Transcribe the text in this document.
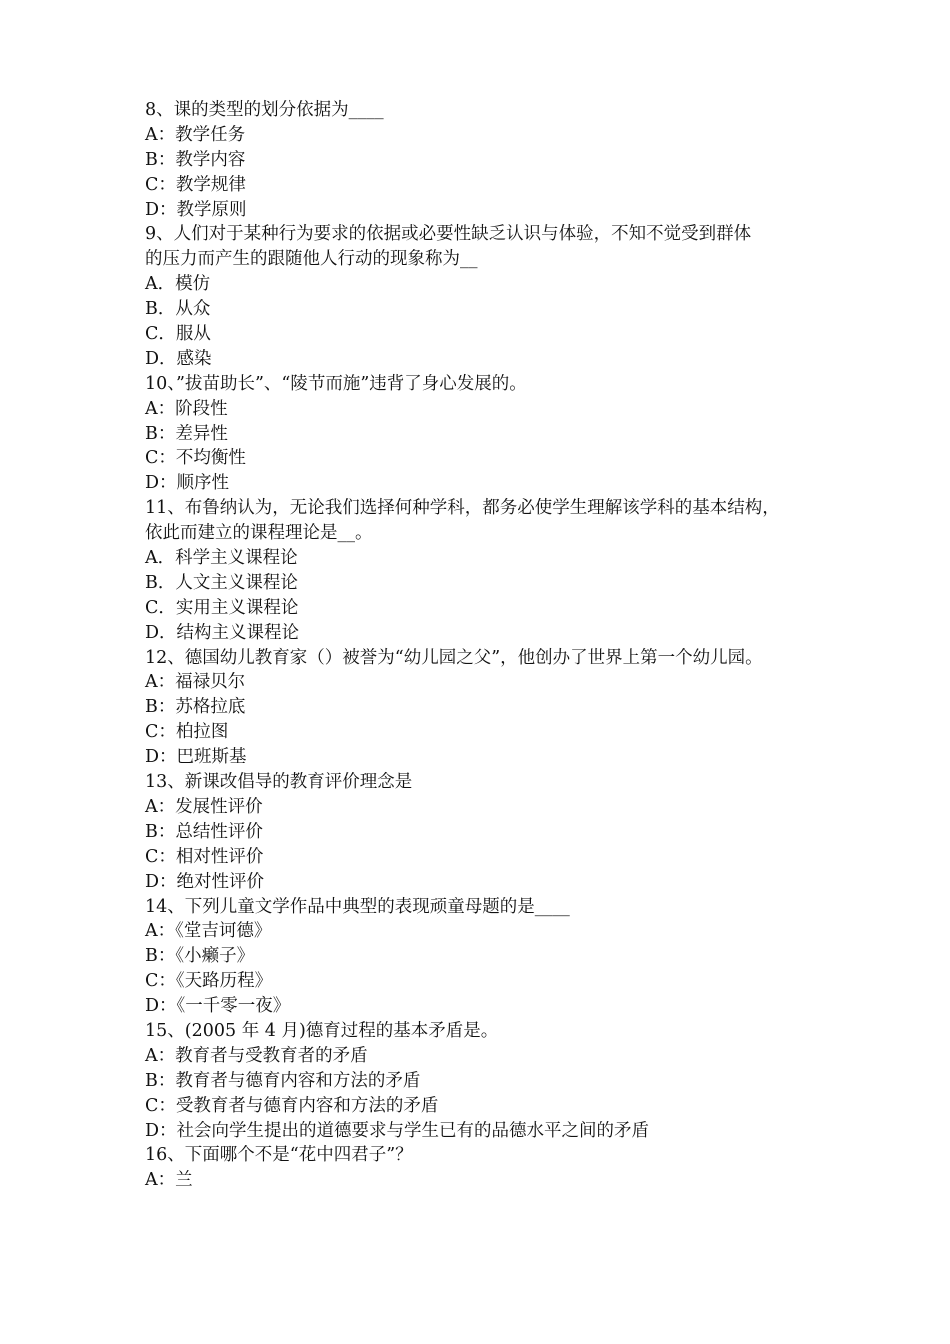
8、课的类型的划分依据为____
A：教学任务
B：教学内容
C：教学规律
D：教学原则
9、人们对于某种行为要求的依据或必要性缺乏认识与体验，不知不觉受到群体
的压力而产生的跟随他人行动的现象称为__
A．模仿
B．从众
C．服从
D．感染
10、”拔苗助长”、“陵节而施”违背了身心发展的。
A：阶段性
B：差异性
C：不均衡性
D：顺序性
11、布鲁纳认为，无论我们选择何种学科，都务必使学生理解该学科的基本结构，
依此而建立的课程理论是__。
A．科学主义课程论
B．人文主义课程论
C．实用主义课程论
D．结构主义课程论
12、德国幼儿教育家（）被誉为“幼儿园之父”，他创办了世界上第一个幼儿园。
A：福禄贝尔
B：苏格拉底
C：柏拉图
D：巴班斯基
13、新课改倡导的教育评价理念是
A：发展性评价
B：总结性评价
C：相对性评价
D：绝对性评价
14、下列儿童文学作品中典型的表现顽童母题的是____
A：《堂吉诃德》
B：《小癞子》
C：《天路历程》
D：《一千零一夜》
15、(2005 年 4 月)德育过程的基本矛盾是。
A：教育者与受教育者的矛盾
B：教育者与德育内容和方法的矛盾
C：受教育者与德育内容和方法的矛盾
D：社会向学生提出的道德要求与学生已有的品德水平之间的矛盾
16、下面哪个不是“花中四君子”？
A：兰
